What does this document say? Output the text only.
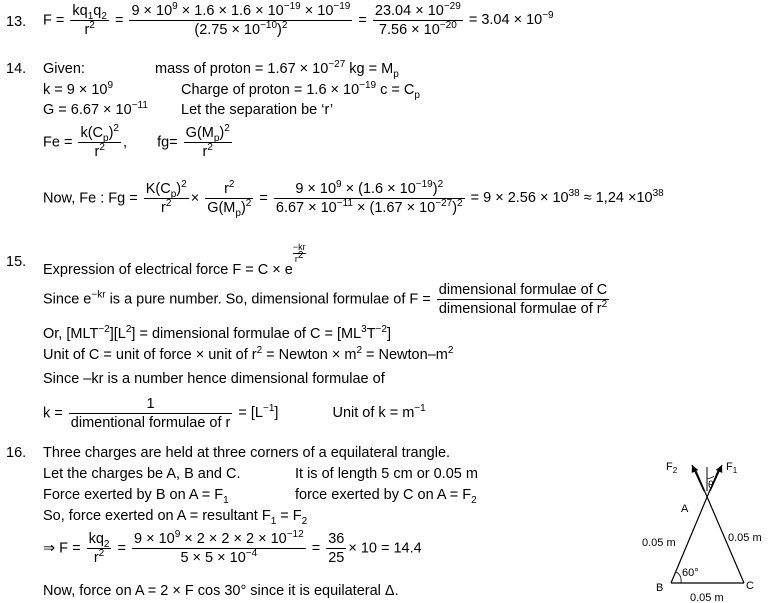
13. $F = \frac{kq_1q_2}{r^2} = \frac{9 \times 10^9 \times 1.6 \times 1.6 \times 10^{-19} \times 10^{-19}}{(2.75 \times 10^{-10})^2} = \frac{23.04 \times 10^{-29}}{7.56 \times 10^{-20}} = 3.04 \times 10^{-9}$
14. Given:	mass of proton = $1.67 \times 10^{-27}$ kg = $M_p$
$k = 9 \times 10^9$	Charge of proton = $1.6 \times 10^{-19}$ $c = C_p$
$G = 6.67 \times 10^{-11}$ Let the separation be ‘r’
$Fe = \frac{k(C_p)^2}{r^2}$ ,  $fg= \frac{G(M_p)^2}{r^2}$
Now, Fe : $Fg = \frac{K(C_p)^2}{r^2} \times \frac{r^2}{G(M_p)^2} = \frac{9 \times 10^9 \times (1.6 \times 10^{-19})^2}{6.67 \times 10^{-11} \times (1.67 \times 10^{-27})^2} = 9 \times 2.56 \times 10^{38} \approx 1,24 \times 10^{38}$
15. Expression of electrical force F = C × e
$^{\frac{-kr}{r^2}}$
Since $e^{-kr}$ is a pure number. So, dimensional formulae of F =
dimensional formulae of C
dimensional formulae of $r^2$
Or, $[MLT^{-2}][L^2]$ = dimensional formulae of $C = [ML^3T^{-2}]$
Unit of C = unit of force × unit of $r^2$ = Newton × $m^2$ = Newton–$m^2$
Since –kr is a number hence dimensional formulae of
k =
1
dimentional formulae of r
= $[L^{-1}]$	Unit of $k = m^{-1}$
16. Three charges are held at three corners of a equilateral trangle.
Let the charges be A, B and C.	It is of length 5 cm or 0.05 m
Force exerted by B on $A = F_1$	force exerted by C on $A = F_2$
So, force exerted on A = resultant $F_1 = F_2$
⇒ $F = \frac{kq_2}{r^2} = \frac{9 \times 10^9 \times 2 \times 2 \times 2 \times 10^{-12}}{5 \times 5 \times 10^{-4}} = \frac{36}{25} \times 10 = 14.4$
Now, force on A = 2 × F cos 30° since it is equilateral Δ.
$F_2$	$F_1$
θ
A
0.05 m	0.05 m
60°
B	C
0.05 m
